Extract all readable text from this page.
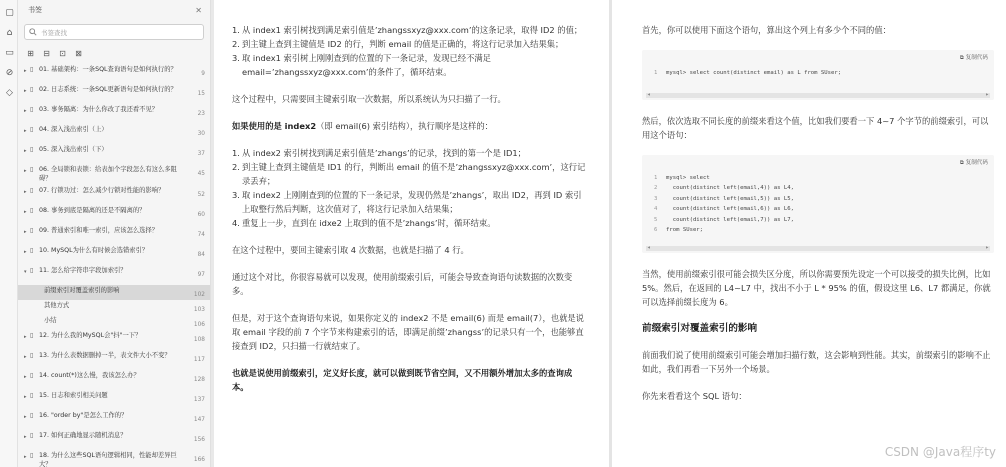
▢
⌂
▭
⊘
◇
书签	✕
书签查找
⊞ ⊟ ⊡ ⊠
▸ ▯ 01. 基础架构：一条SQL查询语句是如何执行的？
9
▸ ▯ 02. 日志系统：一条SQL更新语句是如何执行的？
15
▸ ▯ 03. 事务隔离：为什么你改了我还看不见？
23
▸ ▯ 04. 深入浅出索引（上）
30
▸ ▯ 05. 深入浅出索引（下）
37
▸ ▯ 06. 全局锁和表锁：给表加个字段怎么有这么多阻碍？
45
▸ ▯ 07. 行锁功过：怎么减少行锁对性能的影响？
52
▸ ▯ 08. 事务到底是隔离的还是不隔离的？
60
▸ ▯ 09. 普通索引和唯一索引，应该怎么选择？
74
▸ ▯ 10. MySQL为什么有时候会选错索引？
84
▾ ▯ 11. 怎么给字符串字段加索引？
97
前缀索引对覆盖索引的影响
102
其他方式
103
小结
106
▸ ▯ 12. 为什么我的MySQL会"抖"一下？
108
▸ ▯ 13. 为什么表数据删掉一半，表文件大小不变？
117
▸ ▯ 14. count(*)这么慢，我该怎么办？
128
▸ ▯ 15. 日志和索引相关问题
137
▸ ▯ 16. "order by"是怎么工作的？
147
▸ ▯ 17. 如何正确地显示随机消息？
156
▸ ▯ 18. 为什么这些SQL语句逻辑相同，性能却差异巨大？
166
1. 从 index1 索引树找到满足索引值是’zhangssxyz@xxx.com’的这条记录，取得 ID2 的值；
2. 到主键上查到主键值是 ID2 的行，判断 email 的值是正确的，将这行记录加入结果集；
3. 取 index1 索引树上刚刚查到的位置的下一条记录，发现已经不满足 email=’zhangssxyz@xxx.com’的条件了，循环结束。

这个过程中，只需要回主键索引取一次数据，所以系统认为只扫描了一行。

如果使用的是 index2（即 email(6) 索引结构），执行顺序是这样的：

1. 从 index2 索引树找到满足索引值是’zhangs’的记录，找到的第一个是 ID1；
2. 到主键上查到主键值是 ID1 的行，判断出 email 的值不是’zhangssxyz@xxx.com’，这行记录丢弃；
3. 取 index2 上刚刚查到的位置的下一条记录，发现仍然是’zhangs’，取出 ID2，再到 ID 索引上取整行然后判断，这次值对了，将这行记录加入结果集；
4. 重复上一步，直到在 idxe2 上取到的值不是’zhangs’时，循环结束。

在这个过程中，要回主键索引取 4 次数据，也就是扫描了 4 行。

通过这个对比，你很容易就可以发现，使用前缀索引后，可能会导致查询语句读数据的次数变多。

但是，对于这个查询语句来说，如果你定义的 index2 不是 email(6) 而是 email(7），也就是说取 email 字段的前 7 个字节来构建索引的话，即满足前缀’zhangss’的记录只有一个，也能够直接查到 ID2，只扫描一行就结束了。

也就是说使用前缀索引，定义好长度，就可以做到既节省空间，又不用额外增加太多的查询成本。

首先，你可以使用下面这个语句，算出这个列上有多少个不同的值：

⧉ 复制代码
1 mysql> select count(distinct email) as L from SUser;
◂ ▸

然后，依次选取不同长度的前缀来看这个值，比如我们要看一下 4~7 个字节的前缀索引，可以用这个语句：

⧉ 复制代码
1 mysql> select
2  count(distinct left(email,4)) as L4,
3  count(distinct left(email,5)) as L5,
4  count(distinct left(email,6)) as L6,
5  count(distinct left(email,7)) as L7,
6 from SUser;
◂ ▸

当然，使用前缀索引很可能会损失区分度，所以你需要预先设定一个可以接受的损失比例，比如 5%。然后，在返回的 L4~L7 中，找出不小于 L * 95% 的值，假设这里 L6、L7 都满足，你就可以选择前缀长度为 6。

前缀索引对覆盖索引的影响

前面我们说了使用前缀索引可能会增加扫描行数，这会影响到性能。其实，前缀索引的影响不止如此，我们再看一下另外一个场景。

你先来看看这个 SQL 语句：

CSDN @Java程序ty
